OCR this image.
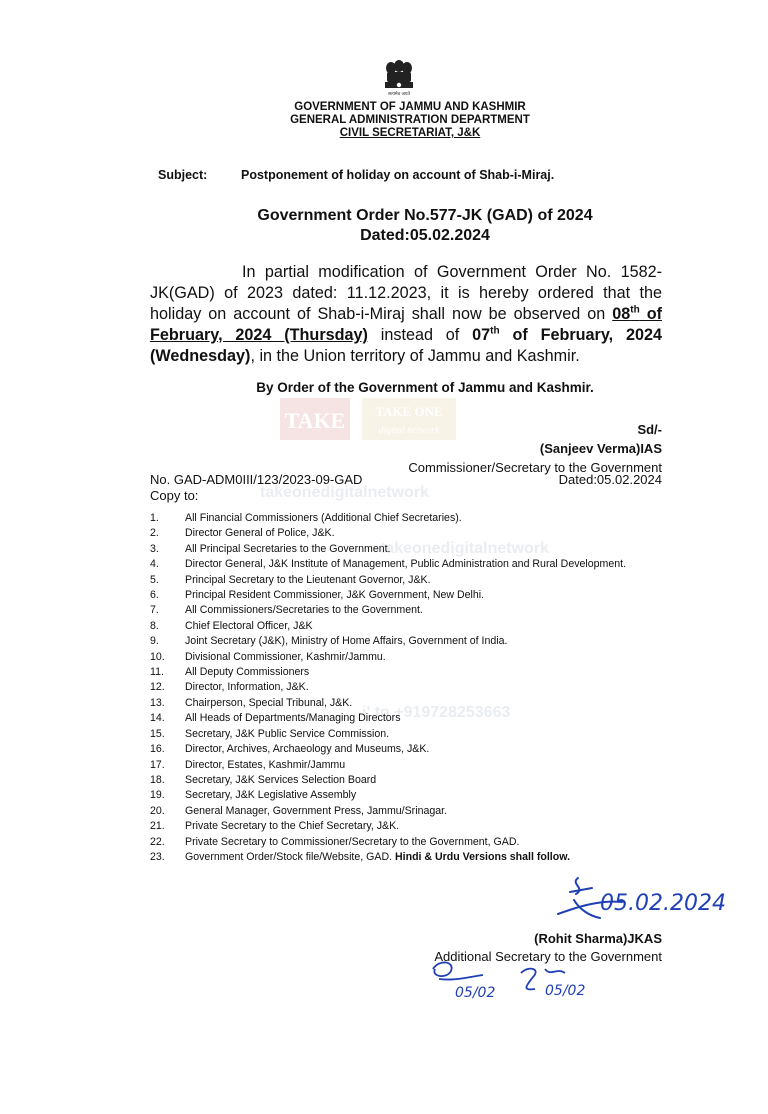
TAKE TAKE ONE
digital network
takeonedigitalnetwork
takeonedigitalnetwork
i' to +919728253663
सत्यमेव जयते
GOVERNMENT OF JAMMU AND KASHMIR
GENERAL ADMINISTRATION DEPARTMENT
CIVIL SECRETARIAT, J&K
Subject:	Postponement of holiday on account of Shab-i-Miraj.
Government Order No.577-JK (GAD) of 2024
Dated:05.02.2024
In partial modification of Government Order No. 1582-JK(GAD) of 2023 dated: 11.12.2023, it is hereby ordered that the holiday on account of Shab-i-Miraj shall now be observed on 08th of February, 2024 (Thursday) instead of 07th of February, 2024 (Wednesday), in the Union territory of Jammu and Kashmir.
By Order of the Government of Jammu and Kashmir.
Sd/-
(Sanjeev Verma)IAS
Commissioner/Secretary to the Government
No. GAD-ADM0III/123/2023-09-GAD	Dated:05.02.2024
Copy to:
1. All Financial Commissioners (Additional Chief Secretaries).
2. Director General of Police, J&K.
3. All Principal Secretaries to the Government.
4. Director General, J&K Institute of Management, Public Administration and Rural Development.
5. Principal Secretary to the Lieutenant Governor, J&K.
6. Principal Resident Commissioner, J&K Government, New Delhi.
7. All Commissioners/Secretaries to the Government.
8. Chief Electoral Officer, J&K
9. Joint Secretary (J&K), Ministry of Home Affairs, Government of India.
10. Divisional Commissioner, Kashmir/Jammu.
11. All Deputy Commissioners
12. Director, Information, J&K.
13. Chairperson, Special Tribunal, J&K.
14. All Heads of Departments/Managing Directors
15. Secretary, J&K Public Service Commission.
16. Director, Archives, Archaeology and Museums, J&K.
17. Director, Estates, Kashmir/Jammu
18. Secretary, J&K Services Selection Board
19. Secretary, J&K Legislative Assembly
20. General Manager, Government Press, Jammu/Srinagar.
21. Private Secretary to the Chief Secretary, J&K.
22. Private Secretary to Commissioner/Secretary to the Government, GAD.
23. Government Order/Stock file/Website, GAD. Hindi & Urdu Versions shall follow.
05.02.2024
(Rohit Sharma)JKAS
Additional Secretary to the Government
05/02	05/02
